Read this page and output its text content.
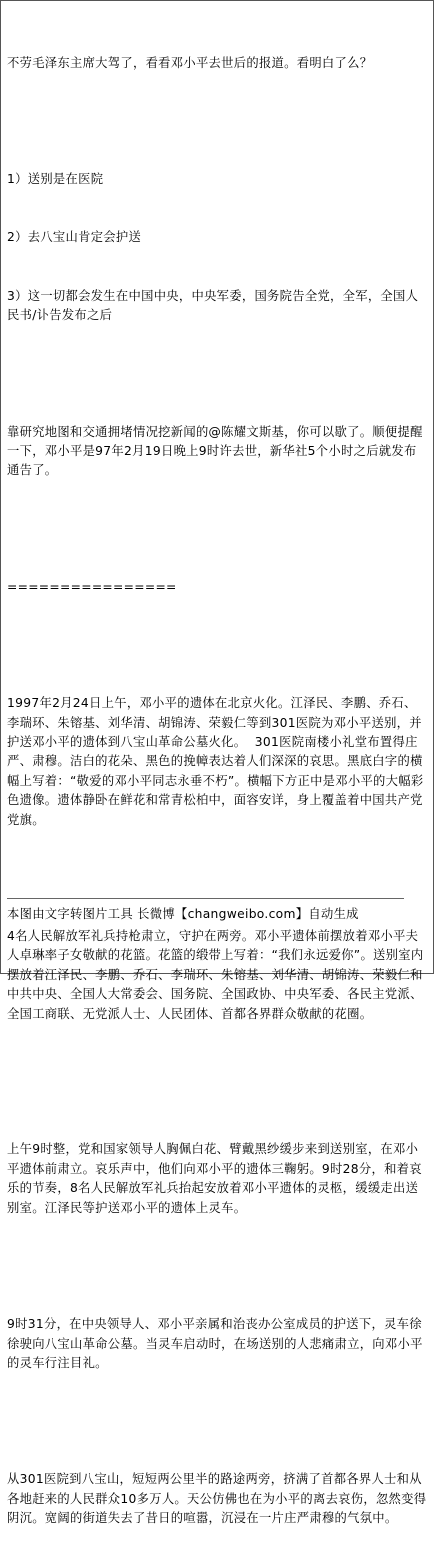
不劳毛泽东主席大驾了，看看邓小平去世后的报道。看明白了么？

1）送别是在医院

2）去八宝山肯定会护送

3）这一切都会发生在中国中央，中央军委，国务院告全党，全军，全国人民书/讣告发布之后

靠研究地图和交通拥堵情况挖新闻的@陈耀文斯基，你可以歇了。顺便提醒一下，邓小平是97年2月19日晚上9时许去世，新华社5个小时之后就发布通告了。

================

1997年2月24日上午，邓小平的遗体在北京火化。江泽民、李鹏、乔石、李瑞环、朱镕基、刘华清、胡锦涛、荣毅仁等到301医院为邓小平送别，并护送邓小平的遗体到八宝山革命公墓火化。  301医院南楼小礼堂布置得庄严、肃穆。洁白的花朵、黑色的挽幛表达着人们深深的哀思。黑底白字的横幅上写着：“敬爱的邓小平同志永垂不朽”。横幅下方正中是邓小平的大幅彩色遗像。遗体静卧在鲜花和常青松柏中，面容安详，身上覆盖着中国共产党党旗。

4名人民解放军礼兵持枪肃立，守护在两旁。邓小平遗体前摆放着邓小平夫人卓琳率子女敬献的花篮。花篮的缎带上写着：“我们永远爱你”。送别室内摆放着江泽民、李鹏、乔石、李瑞环、朱镕基、刘华清、胡锦涛、荣毅仁和中共中央、全国人大常委会、国务院、全国政协、中央军委、各民主党派、全国工商联、无党派人士、人民团体、首都各界群众敬献的花圈。

上午9时整，党和国家领导人胸佩白花、臂戴黑纱缓步来到送别室，在邓小平遗体前肃立。哀乐声中，他们向邓小平的遗体三鞠躬。9时28分，和着哀乐的节奏，8名人民解放军礼兵抬起安放着邓小平遗体的灵柩，缓缓走出送别室。江泽民等护送邓小平的遗体上灵车。

9时31分，在中央领导人、邓小平亲属和治丧办公室成员的护送下，灵车徐徐驶向八宝山革命公墓。当灵车启动时，在场送别的人悲痛肃立，向邓小平的灵车行注目礼。

从301医院到八宝山，短短两公里半的路途两旁，挤满了首都各界人士和从各地赶来的人民群众10多万人。天公仿佛也在为小平的离去哀伤，忽然变得阴沉。宽阔的街道失去了昔日的喧嚣，沉浸在一片庄严肃穆的气氛中。

本图由文字转图片工具 长微博【changweibo.com】自动生成
